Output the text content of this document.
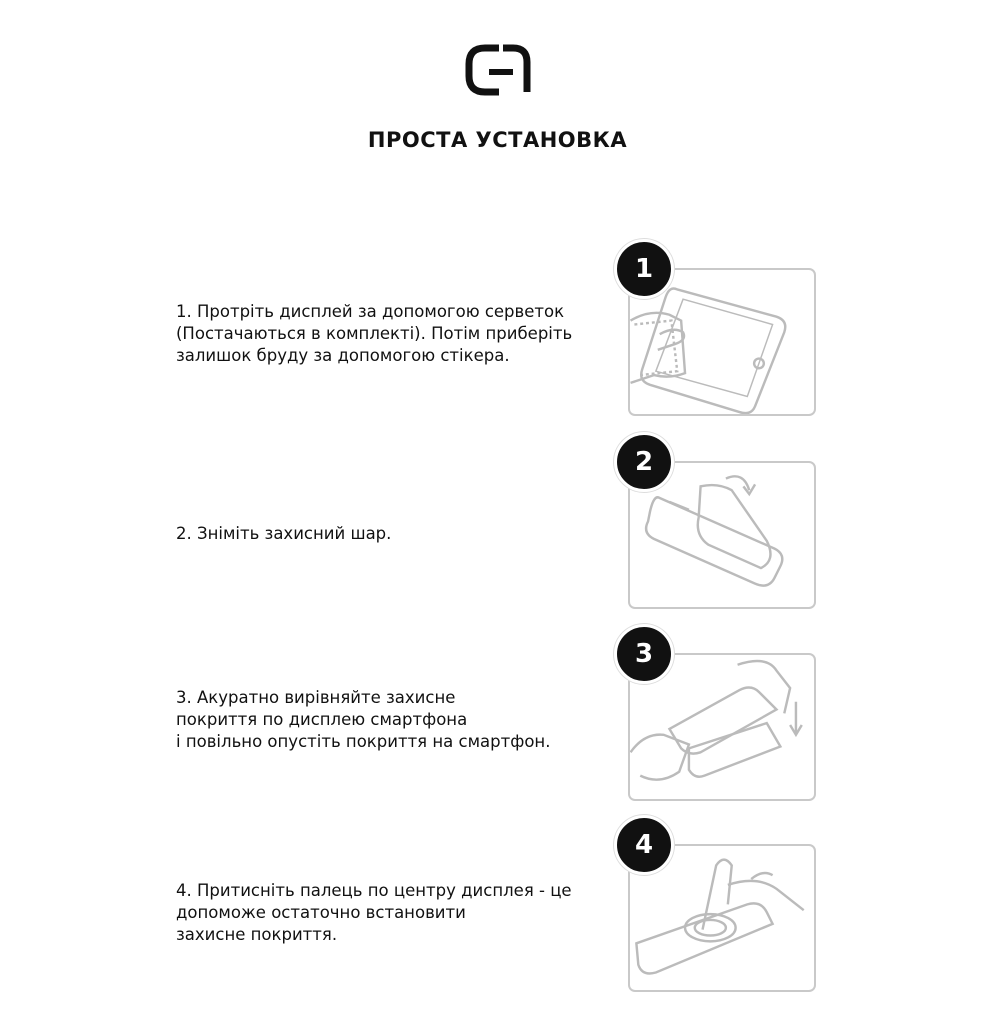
ПРОСТА УСТАНОВКА
1. Протріть дисплей за допомогою серветок
(Постачаються в комплекті). Потім приберіть
залишок бруду за допомогою стікера.
1
2. Зніміть захисний шар.
2
3. Акуратно вирівняйте захисне
покриття по дисплею смартфона
і повільно опустіть покриття на смартфон.
3
4. Притисніть палець по центру дисплея - це
допоможе остаточно встановити
захисне покриття.
4
